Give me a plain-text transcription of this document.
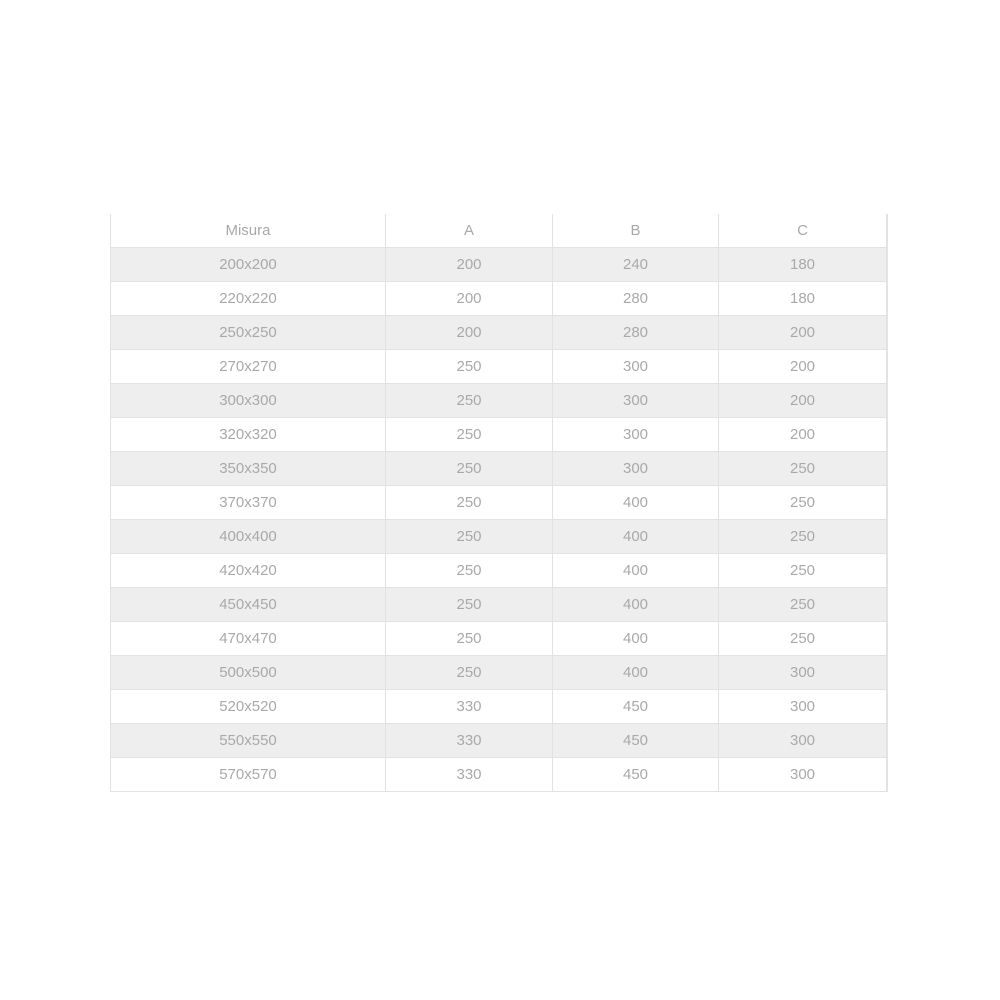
Misura	A	B	C
200x200	200	240	180
220x220	200	280	180
250x250	200	280	200
270x270	250	300	200
300x300	250	300	200
320x320	250	300	200
350x350	250	300	250
370x370	250	400	250
400x400	250	400	250
420x420	250	400	250
450x450	250	400	250
470x470	250	400	250
500x500	250	400	300
520x520	330	450	300
550x550	330	450	300
570x570	330	450	300
